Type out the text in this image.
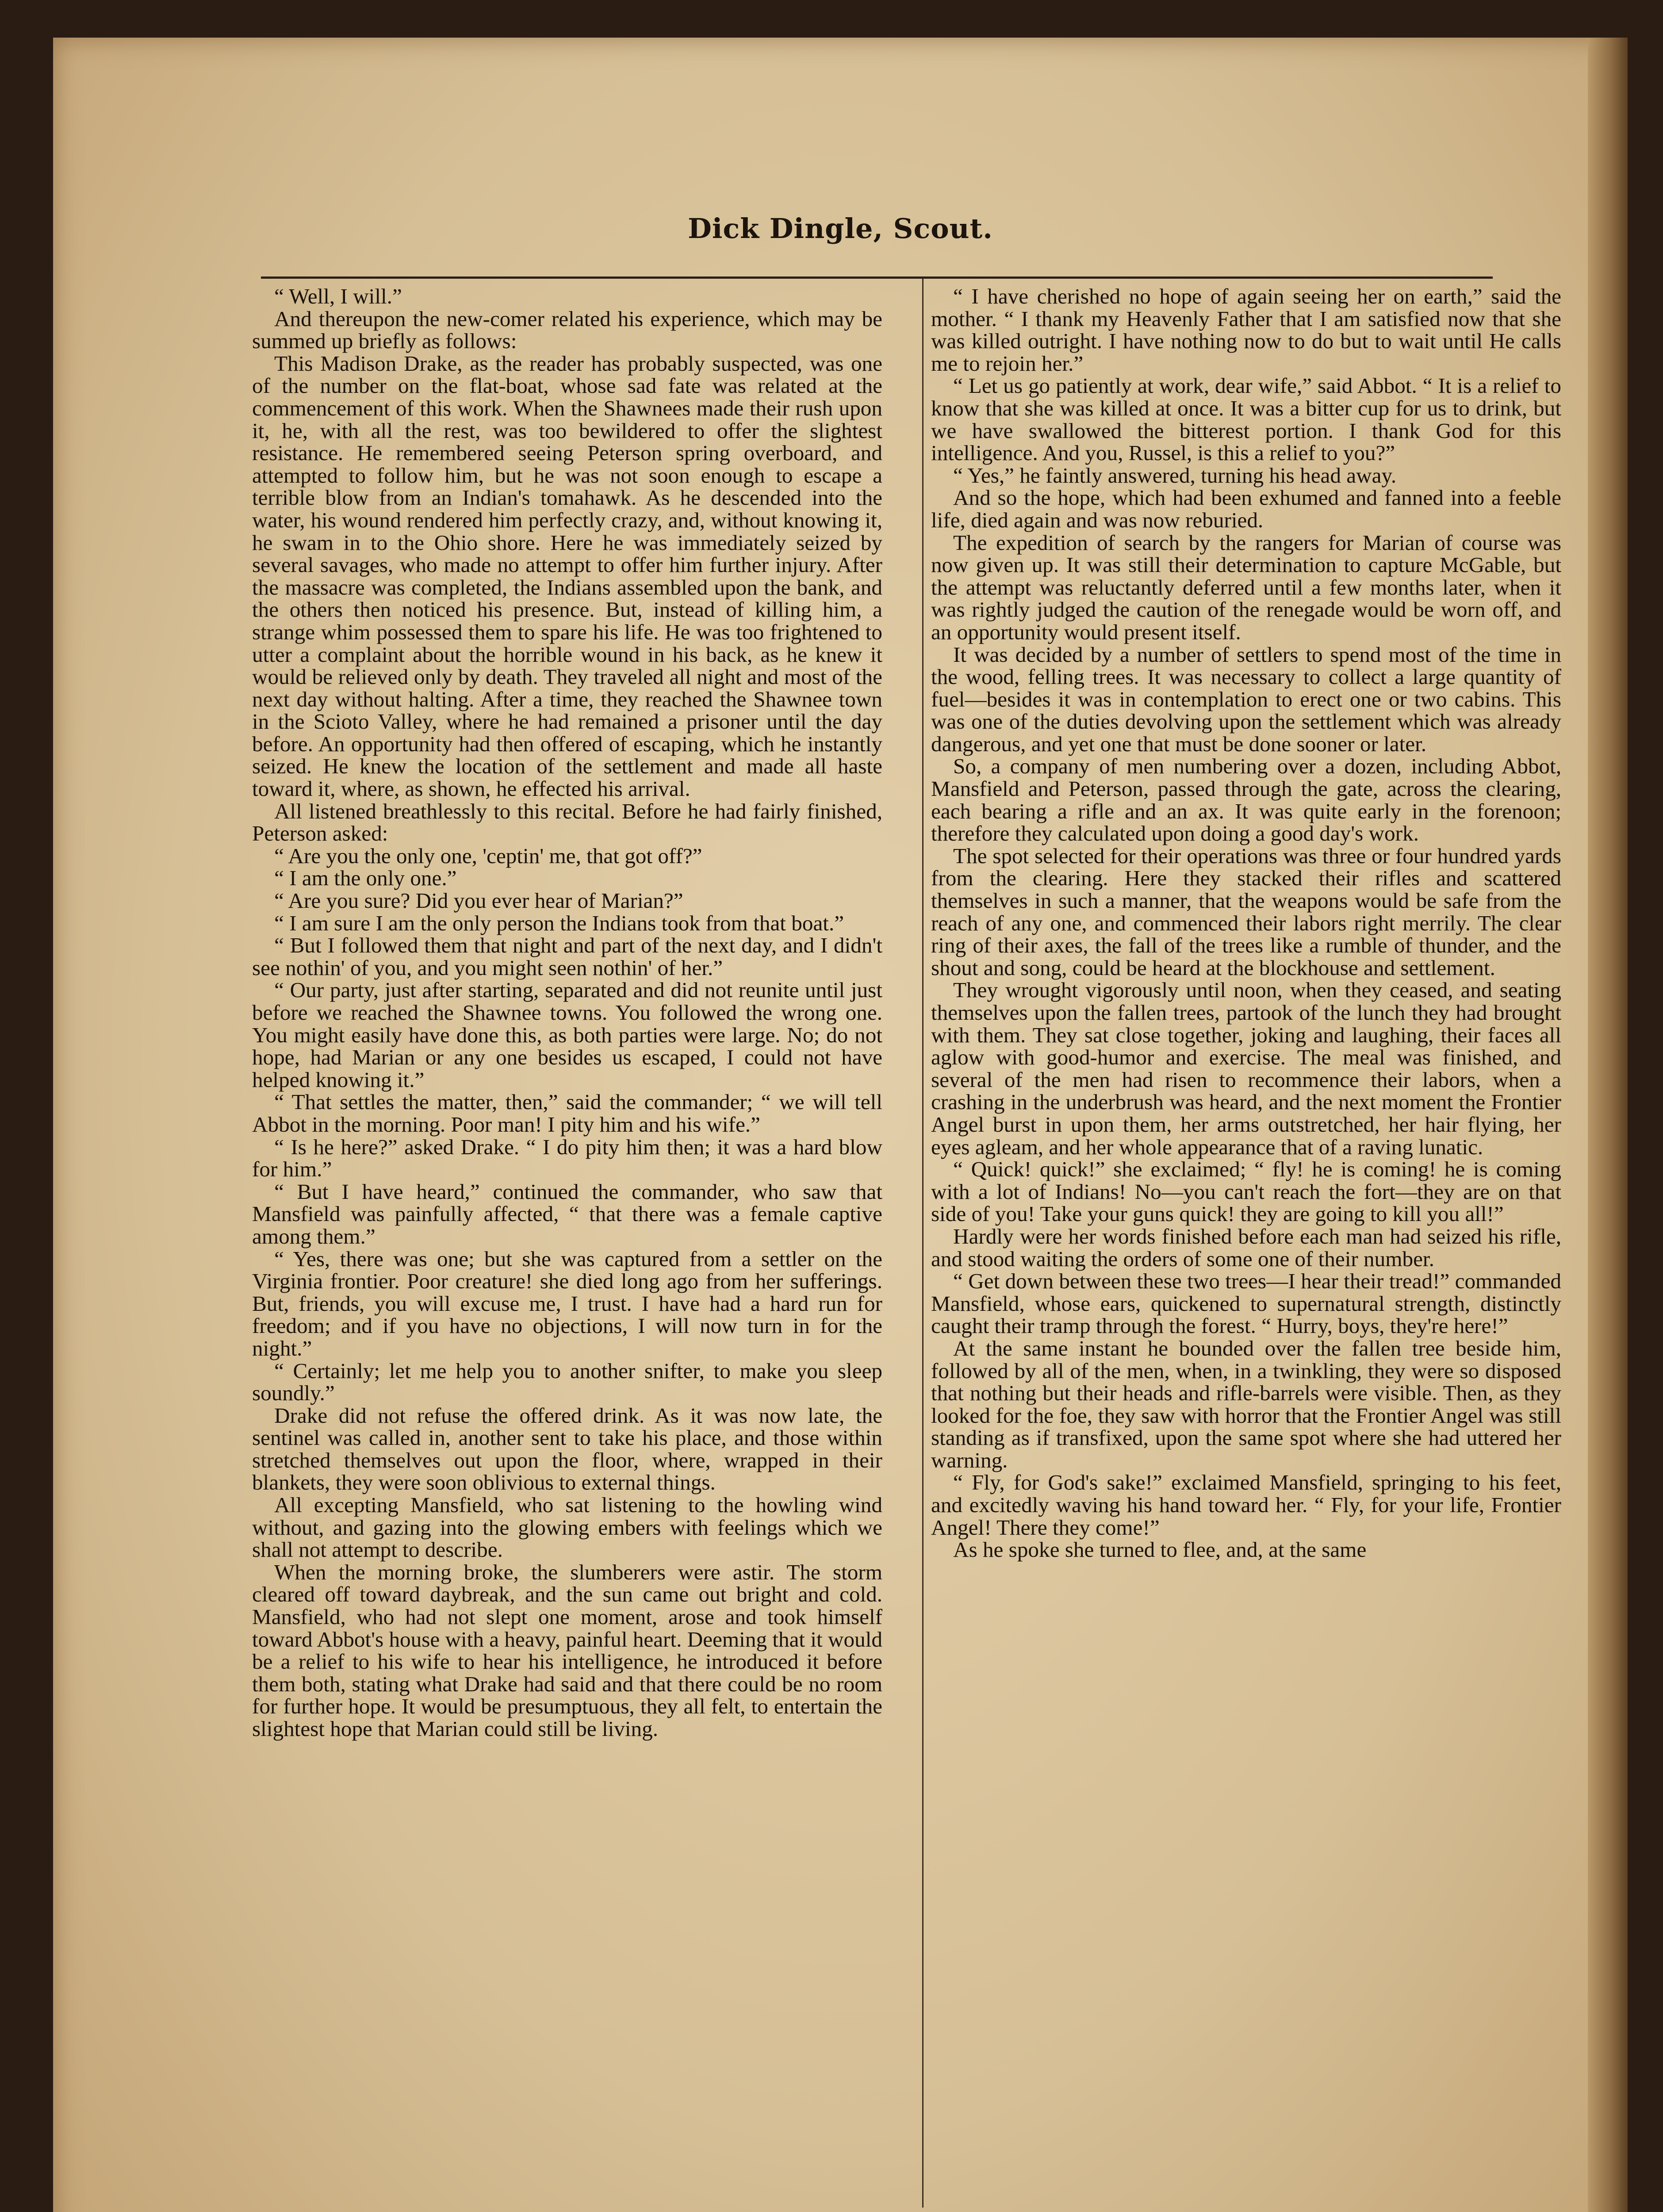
Dick Dingle, Scout.

“ Well, I will.”

And thereupon the new-comer related his experience, which may be summed up briefly as follows:

This Madison Drake, as the reader has probably suspected, was one of the number on the flat-boat, whose sad fate was related at the commencement of this work. When the Shawnees made their rush upon it, he, with all the rest, was too bewildered to offer the slightest resistance. He remembered seeing Peterson spring overboard, and attempted to follow him, but he was not soon enough to escape a terrible blow from an Indian's tomahawk. As he descended into the water, his wound rendered him perfectly crazy, and, without knowing it, he swam in to the Ohio shore. Here he was immediately seized by several savages, who made no attempt to offer him further injury. After the massacre was completed, the Indians assembled upon the bank, and the others then noticed his presence. But, instead of killing him, a strange whim possessed them to spare his life. He was too frightened to utter a complaint about the horrible wound in his back, as he knew it would be relieved only by death. They traveled all night and most of the next day without halting. After a time, they reached the Shawnee town in the Scioto Valley, where he had remained a prisoner until the day before. An opportunity had then offered of escaping, which he instantly seized. He knew the location of the settlement and made all haste toward it, where, as shown, he effected his arrival.

All listened breathlessly to this recital. Before he had fairly finished, Peterson asked:

“ Are you the only one, 'ceptin' me, that got off?”

“ I am the only one.”

“ Are you sure? Did you ever hear of Marian?”

“ I am sure I am the only person the Indians took from that boat.”

“ But I followed them that night and part of the next day, and I didn't see nothin' of you, and you might seen nothin' of her.”

“ Our party, just after starting, separated and did not reunite until just before we reached the Shawnee towns. You followed the wrong one. You might easily have done this, as both parties were large. No; do not hope, had Marian or any one besides us escaped, I could not have helped knowing it.”

“ That settles the matter, then,” said the commander; “ we will tell Abbot in the morning. Poor man! I pity him and his wife.”

“ Is he here?” asked Drake. “ I do pity him then; it was a hard blow for him.”

“ But I have heard,” continued the commander, who saw that Mansfield was painfully affected, “ that there was a female captive among them.”

“ Yes, there was one; but she was captured from a settler on the Virginia frontier. Poor creature! she died long ago from her sufferings. But, friends, you will excuse me, I trust. I have had a hard run for freedom; and if you have no objections, I will now turn in for the night.”

“ Certainly; let me help you to another snifter, to make you sleep soundly.”

Drake did not refuse the offered drink. As it was now late, the sentinel was called in, another sent to take his place, and those within stretched themselves out upon the floor, where, wrapped in their blankets, they were soon oblivious to external things.

All excepting Mansfield, who sat listening to the howling wind without, and gazing into the glowing embers with feelings which we shall not attempt to describe.

When the morning broke, the slumberers were astir. The storm cleared off toward daybreak, and the sun came out bright and cold. Mansfield, who had not slept one moment, arose and took himself toward Abbot's house with a heavy, painful heart. Deeming that it would be a relief to his wife to hear his intelligence, he introduced it before them both, stating what Drake had said and that there could be no room for further hope. It would be presumptuous, they all felt, to entertain the slightest hope that Marian could still be living.

“ I have cherished no hope of again seeing her on earth,” said the mother. “ I thank my Heavenly Father that I am satisfied now that she was killed outright. I have nothing now to do but to wait until He calls me to rejoin her.”

“ Let us go patiently at work, dear wife,” said Abbot. “ It is a relief to know that she was killed at once. It was a bitter cup for us to drink, but we have swallowed the bitterest portion. I thank God for this intelligence. And you, Russel, is this a relief to you?”

“ Yes,” he faintly answered, turning his head away.

And so the hope, which had been exhumed and fanned into a feeble life, died again and was now reburied.

The expedition of search by the rangers for Marian of course was now given up. It was still their determination to capture McGable, but the attempt was reluctantly deferred until a few months later, when it was rightly judged the caution of the renegade would be worn off, and an opportunity would present itself.

It was decided by a number of settlers to spend most of the time in the wood, felling trees. It was necessary to collect a large quantity of fuel—besides it was in contemplation to erect one or two cabins. This was one of the duties devolving upon the settlement which was already dangerous, and yet one that must be done sooner or later.

So, a company of men numbering over a dozen, including Abbot, Mansfield and Peterson, passed through the gate, across the clearing, each bearing a rifle and an ax. It was quite early in the forenoon; therefore they calculated upon doing a good day's work.

The spot selected for their operations was three or four hundred yards from the clearing. Here they stacked their rifles and scattered themselves in such a manner, that the weapons would be safe from the reach of any one, and commenced their labors right merrily. The clear ring of their axes, the fall of the trees like a rumble of thunder, and the shout and song, could be heard at the blockhouse and settlement.

They wrought vigorously until noon, when they ceased, and seating themselves upon the fallen trees, partook of the lunch they had brought with them. They sat close together, joking and laughing, their faces all aglow with good-humor and exercise. The meal was finished, and several of the men had risen to recommence their labors, when a crashing in the underbrush was heard, and the next moment the Frontier Angel burst in upon them, her arms outstretched, her hair flying, her eyes agleam, and her whole appearance that of a raving lunatic.

“ Quick! quick!” she exclaimed; “ fly! he is coming! he is coming with a lot of Indians! No—you can't reach the fort—they are on that side of you! Take your guns quick! they are going to kill you all!”

Hardly were her words finished before each man had seized his rifle, and stood waiting the orders of some one of their number.

“ Get down between these two trees—I hear their tread!” commanded Mansfield, whose ears, quickened to supernatural strength, distinctly caught their tramp through the forest. “ Hurry, boys, they're here!”

At the same instant he bounded over the fallen tree beside him, followed by all of the men, when, in a twinkling, they were so disposed that nothing but their heads and rifle-barrels were visible. Then, as they looked for the foe, they saw with horror that the Frontier Angel was still standing as if transfixed, upon the same spot where she had uttered her warning.

“ Fly, for God's sake!” exclaimed Mansfield, springing to his feet, and excitedly waving his hand toward her. “ Fly, for your life, Frontier Angel! There they come!”

As he spoke she turned to flee, and, at the same
